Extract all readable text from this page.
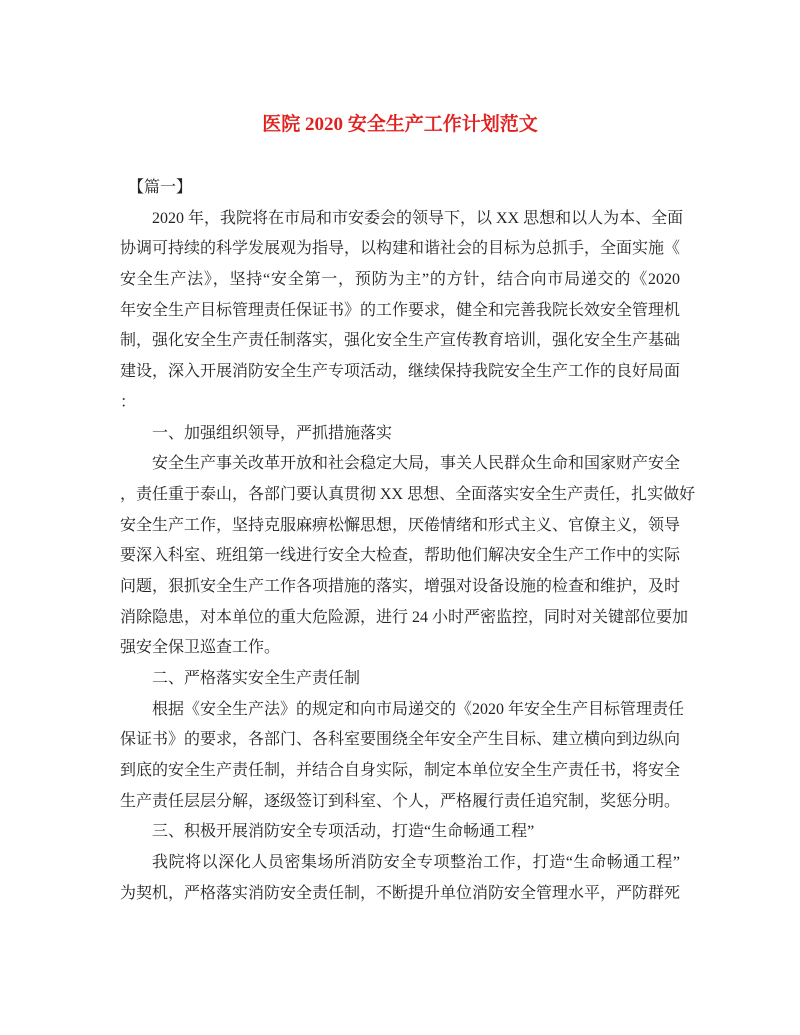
医院 2020 安全生产工作计划范文
【篇一】
2020 年，我院将在市局和市安委会的领导下，以 XX 思想和以人为本、全面
协调可持续的科学发展观为指导，以构建和谐社会的目标为总抓手，全面实施《
安全生产法》，坚持“安全第一，预防为主”的方针，结合向市局递交的《2020
年安全生产目标管理责任保证书》的工作要求，健全和完善我院长效安全管理机
制，强化安全生产责任制落实，强化安全生产宣传教育培训，强化安全生产基础
建设，深入开展消防安全生产专项活动，继续保持我院安全生产工作的良好局面
：
一、加强组织领导，严抓措施落实
安全生产事关改革开放和社会稳定大局，事关人民群众生命和国家财产安全
，责任重于泰山，各部门要认真贯彻 XX 思想、全面落实安全生产责任，扎实做好
安全生产工作，坚持克服麻痹松懈思想，厌倦情绪和形式主义、官僚主义，领导
要深入科室、班组第一线进行安全大检查，帮助他们解决安全生产工作中的实际
问题，狠抓安全生产工作各项措施的落实，增强对设备设施的检查和维护，及时
消除隐患，对本单位的重大危险源，进行 24 小时严密监控，同时对关键部位要加
强安全保卫巡查工作。
二、严格落实安全生产责任制
根据《安全生产法》的规定和向市局递交的《2020 年安全生产目标管理责任
保证书》的要求，各部门、各科室要围绕全年安全产生目标、建立横向到边纵向
到底的安全生产责任制，并结合自身实际，制定本单位安全生产责任书，将安全
生产责任层层分解，逐级签订到科室、个人，严格履行责任追究制，奖惩分明。
三、积极开展消防安全专项活动，打造“生命畅通工程”
我院将以深化人员密集场所消防安全专项整治工作，打造“生命畅通工程”
为契机，严格落实消防安全责任制，不断提升单位消防安全管理水平，严防群死
